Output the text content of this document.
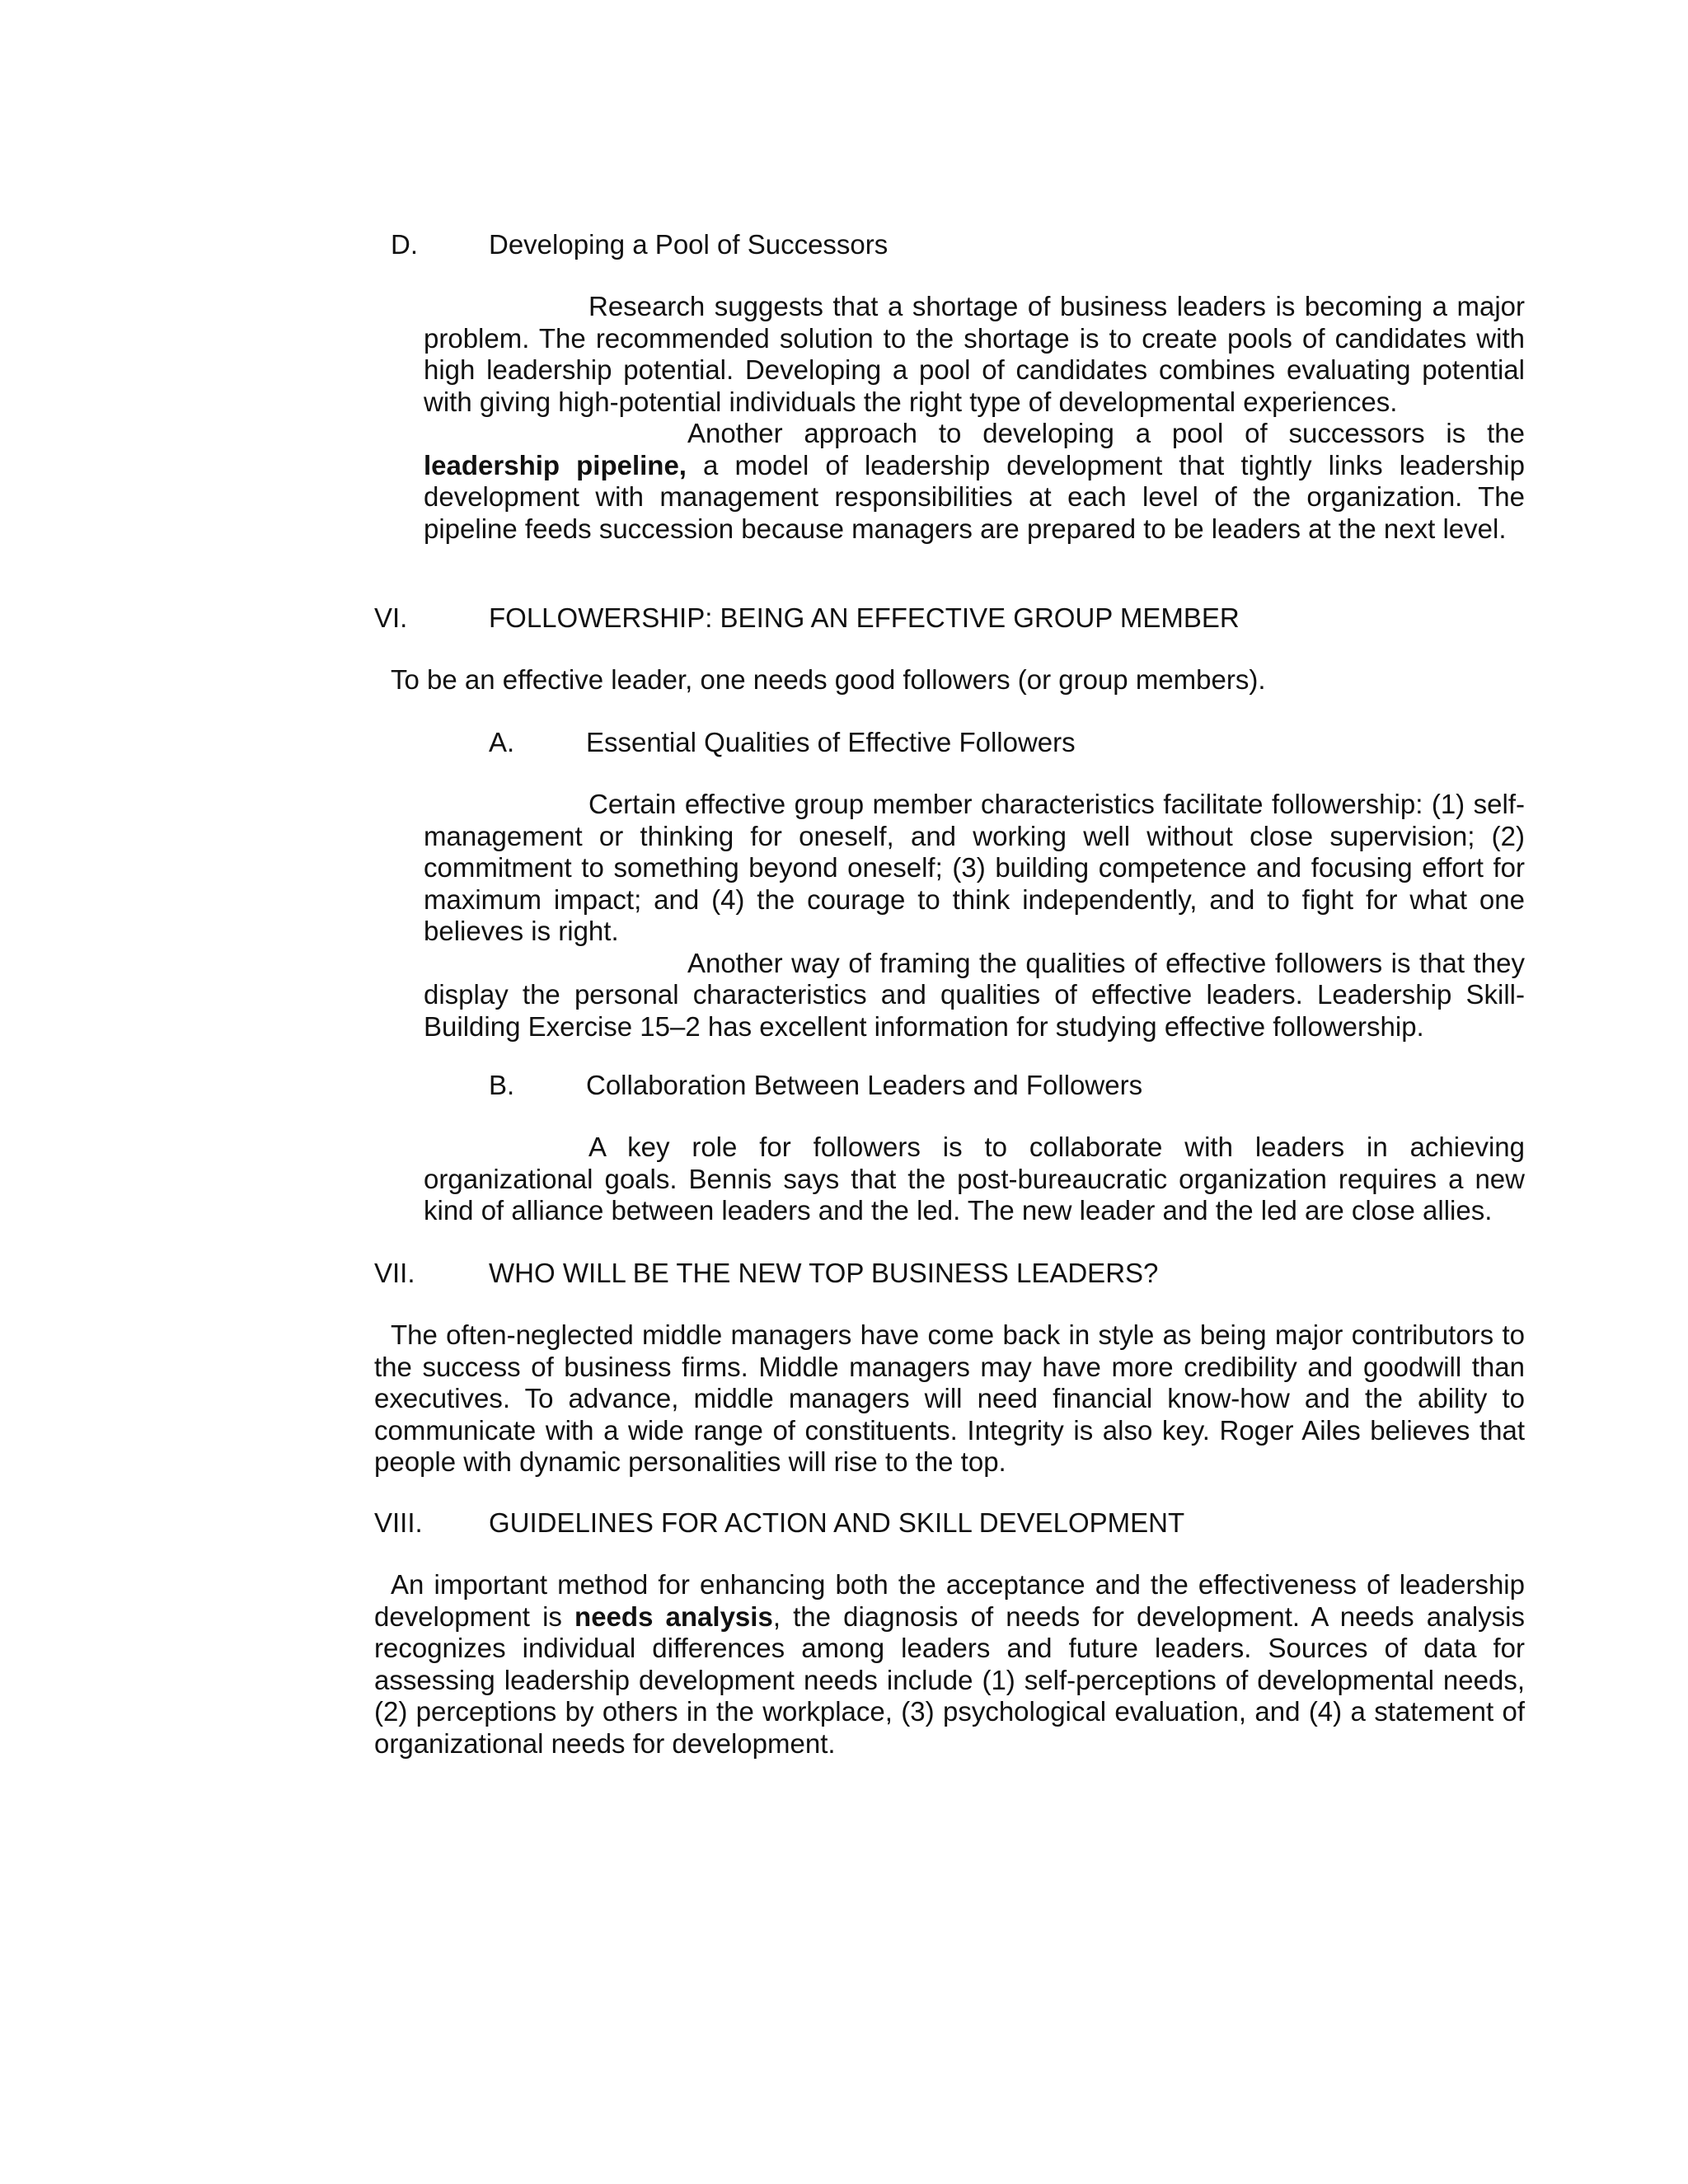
D.	Developing a Pool of Successors

Research suggests that a shortage of business leaders is becoming a major problem. The recommended solution to the shortage is to create pools of candidates with high leadership potential. Developing a pool of candidates combines evaluating potential with giving high-potential individuals the right type of developmental experiences.

Another approach to developing a pool of successors is the leadership pipeline, a model of leadership development that tightly links leadership development with management responsibilities at each level of the organization. The pipeline feeds succession because managers are prepared to be leaders at the next level.

VI.	FOLLOWERSHIP: BEING AN EFFECTIVE GROUP MEMBER
To be an effective leader, one needs good followers (or group members).
A.	Essential Qualities of Effective Followers

Certain effective group member characteristics facilitate followership: (1) self-management or thinking for oneself, and working well without close supervision; (2) commitment to something beyond oneself; (3) building competence and focusing effort for maximum impact; and (4) the courage to think independently, and to fight for what one believes is right.

Another way of framing the qualities of effective followers is that they display the personal characteristics and qualities of effective leaders. Leadership Skill-Building Exercise 15–2 has excellent information for studying effective followership.

B.	Collaboration Between Leaders and Followers

A key role for followers is to collaborate with leaders in achieving organizational goals. Bennis says that the post-bureaucratic organization requires a new kind of alliance between leaders and the led. The new leader and the led are close allies.

VII.	WHO WILL BE THE NEW TOP BUSINESS LEADERS?

The often-neglected middle managers have come back in style as being major contributors to the success of business firms. Middle managers may have more credibility and goodwill than executives. To advance, middle managers will need financial know-how and the ability to communicate with a wide range of constituents. Integrity is also key. Roger Ailes believes that people with dynamic personalities will rise to the top.

VIII. GUIDELINES FOR ACTION AND SKILL DEVELOPMENT

An important method for enhancing both the acceptance and the effectiveness of leadership development is needs analysis, the diagnosis of needs for development. A needs analysis recognizes individual differences among leaders and future leaders. Sources of data for assessing leadership development needs include (1) self-perceptions of developmental needs, (2) perceptions by others in the workplace, (3) psychological evaluation, and (4) a statement of organizational needs for development.
